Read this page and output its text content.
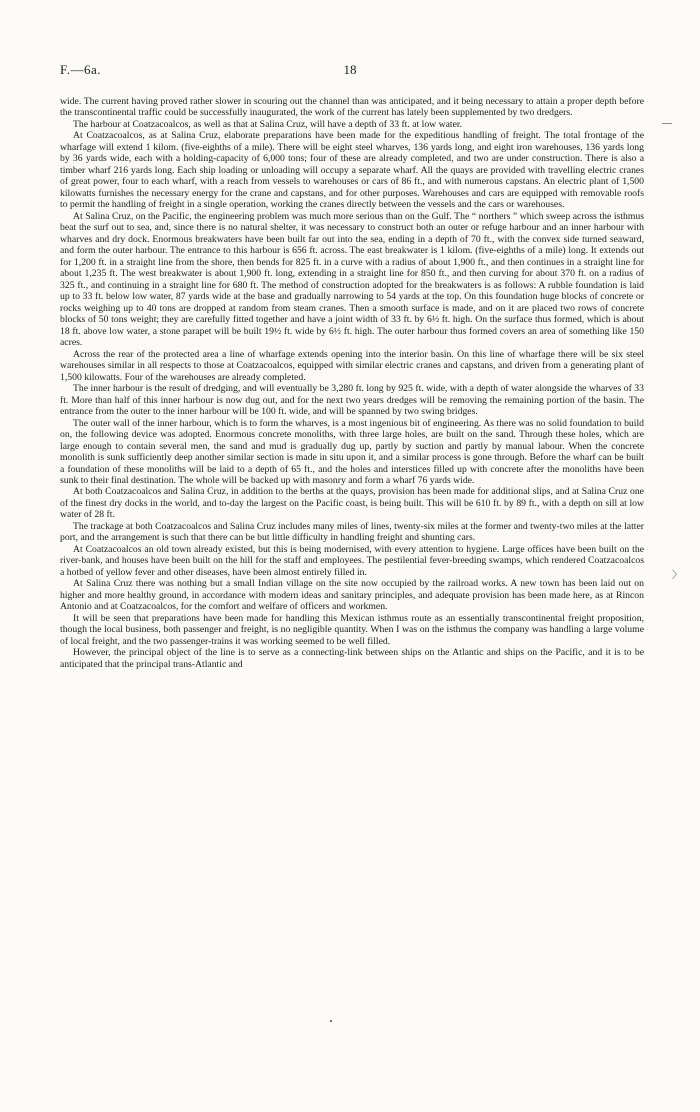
F.—6a.	18

wide. The current having proved rather slower in scouring out the channel than was anticipated, and it being necessary to attain a proper depth before the transcontinental traffic could be successfully inaugurated, the work of the current has lately been supplemented by two dredgers.

The harbour at Coatzacoalcos, as well as that at Salina Cruz, will have a depth of 33 ft. at low water.

At Coatzacoalcos, as at Salina Cruz, elaborate preparations have been made for the expeditious handling of freight. The total frontage of the wharfage will extend 1 kilom. (five-eighths of a mile). There will be eight steel wharves, 136 yards long, and eight iron warehouses, 136 yards long by 36 yards wide, each with a holding-capacity of 6,000 tons; four of these are already completed, and two are under construction. There is also a timber wharf 216 yards long. Each ship loading or unloading will occupy a separate wharf. All the quays are provided with travelling electric cranes of great power, four to each wharf, with a reach from vessels to warehouses or cars of 86 ft., and with numerous capstans. An electric plant of 1,500 kilowatts furnishes the necessary energy for the crane and capstans, and for other purposes. Warehouses and cars are equipped with removable roofs to permit the handling of freight in a single operation, working the cranes directly between the vessels and the cars or warehouses.

At Salina Cruz, on the Pacific, the engineering problem was much more serious than on the Gulf. The “ northers ” which sweep across the isthmus beat the surf out to sea, and, since there is no natural shelter, it was necessary to construct both an outer or refuge harbour and an inner harbour with wharves and dry dock. Enormous breakwaters have been built far out into the sea, ending in a depth of 70 ft., with the convex side turned seaward, and form the outer harbour. The entrance to this harbour is 656 ft. across. The east breakwater is 1 kilom. (five-eighths of a mile) long. It extends out for 1,200 ft. in a straight line from the shore, then bends for 825 ft. in a curve with a radius of about 1,900 ft., and then continues in a straight line for about 1,235 ft. The west breakwater is about 1,900 ft. long, extending in a straight line for 850 ft., and then curving for about 370 ft. on a radius of 325 ft., and continuing in a straight line for 680 ft. The method of construction adopted for the breakwaters is as follows: A rubble foundation is laid up to 33 ft. below low water, 87 yards wide at the base and gradually narrowing to 54 yards at the top. On this foundation huge blocks of concrete or rocks weighing up to 40 tons are dropped at random from steam cranes. Then a smooth surface is made, and on it are placed two rows of concrete blocks of 50 tons weight; they are carefully fitted together and have a joint width of 33 ft. by 6½ ft. high. On the surface thus formed, which is about 18 ft. above low water, a stone parapet will be built 19½ ft. wide by 6½ ft. high. The outer harbour thus formed covers an area of something like 150 acres.

Across the rear of the protected area a line of wharfage extends opening into the interior basin. On this line of wharfage there will be six steel warehouses similar in all respects to those at Coatzacoalcos, equipped with similar electric cranes and capstans, and driven from a generating plant of 1,500 kilowatts. Four of the warehouses are already completed.

The inner harbour is the result of dredging, and will eventually be 3,280 ft. long by 925 ft. wide, with a depth of water alongside the wharves of 33 ft. More than half of this inner harbour is now dug out, and for the next two years dredges will be removing the remaining portion of the basin. The entrance from the outer to the inner harbour will be 100 ft. wide, and will be spanned by two swing bridges.

The outer wall of the inner harbour, which is to form the wharves, is a most ingenious bit of engineering. As there was no solid foundation to build on, the following device was adopted. Enormous concrete monoliths, with three large holes, are built on the sand. Through these holes, which are large enough to contain several men, the sand and mud is gradually dug up, partly by suction and partly by manual labour. When the concrete monolith is sunk sufficiently deep another similar section is made in situ upon it, and a similar process is gone through. Before the wharf can be built a foundation of these monoliths will be laid to a depth of 65 ft., and the holes and interstices filled up with concrete after the monoliths have been sunk to their final destination. The whole will be backed up with masonry and form a wharf 76 yards wide.

At both Coatzacoalcos and Salina Cruz, in addition to the berths at the quays, provision has been made for additional slips, and at Salina Cruz one of the finest dry docks in the world, and to-day the largest on the Pacific coast, is being built. This will be 610 ft. by 89 ft., with a depth on sill at low water of 28 ft.

The trackage at both Coatzacoalcos and Salina Cruz includes many miles of lines, twenty-six miles at the former and twenty-two miles at the latter port, and the arrangement is such that there can be but little difficulty in handling freight and shunting cars.

At Coatzacoalcos an old town already existed, but this is being modernised, with every attention to hygiene. Large offices have been built on the river-bank, and houses have been built on the hill for the staff and employees. The pestilential fever-breeding swamps, which rendered Coatzacoalcos a hotbed of yellow fever and other diseases, have been almost entirely filled in.

At Salina Cruz there was nothing but a small Indian village on the site now occupied by the railroad works. A new town has been laid out on higher and more healthy ground, in accordance with modern ideas and sanitary principles, and adequate provision has been made here, as at Rincon Antonio and at Coatzacoalcos, for the comfort and welfare of officers and workmen.

It will be seen that preparations have been made for handling this Mexican isthmus route as an essentially transcontinental freight proposition, though the local business, both passenger and freight, is no negligible quantity. When I was on the isthmus the company was handling a large volume of local freight, and the two passenger-trains it was working seemed to be well filled.

However, the principal object of the line is to serve as a connecting-link between ships on the Atlantic and ships on the Pacific, and it is to be anticipated that the principal trans-Atlantic and

—
〉
